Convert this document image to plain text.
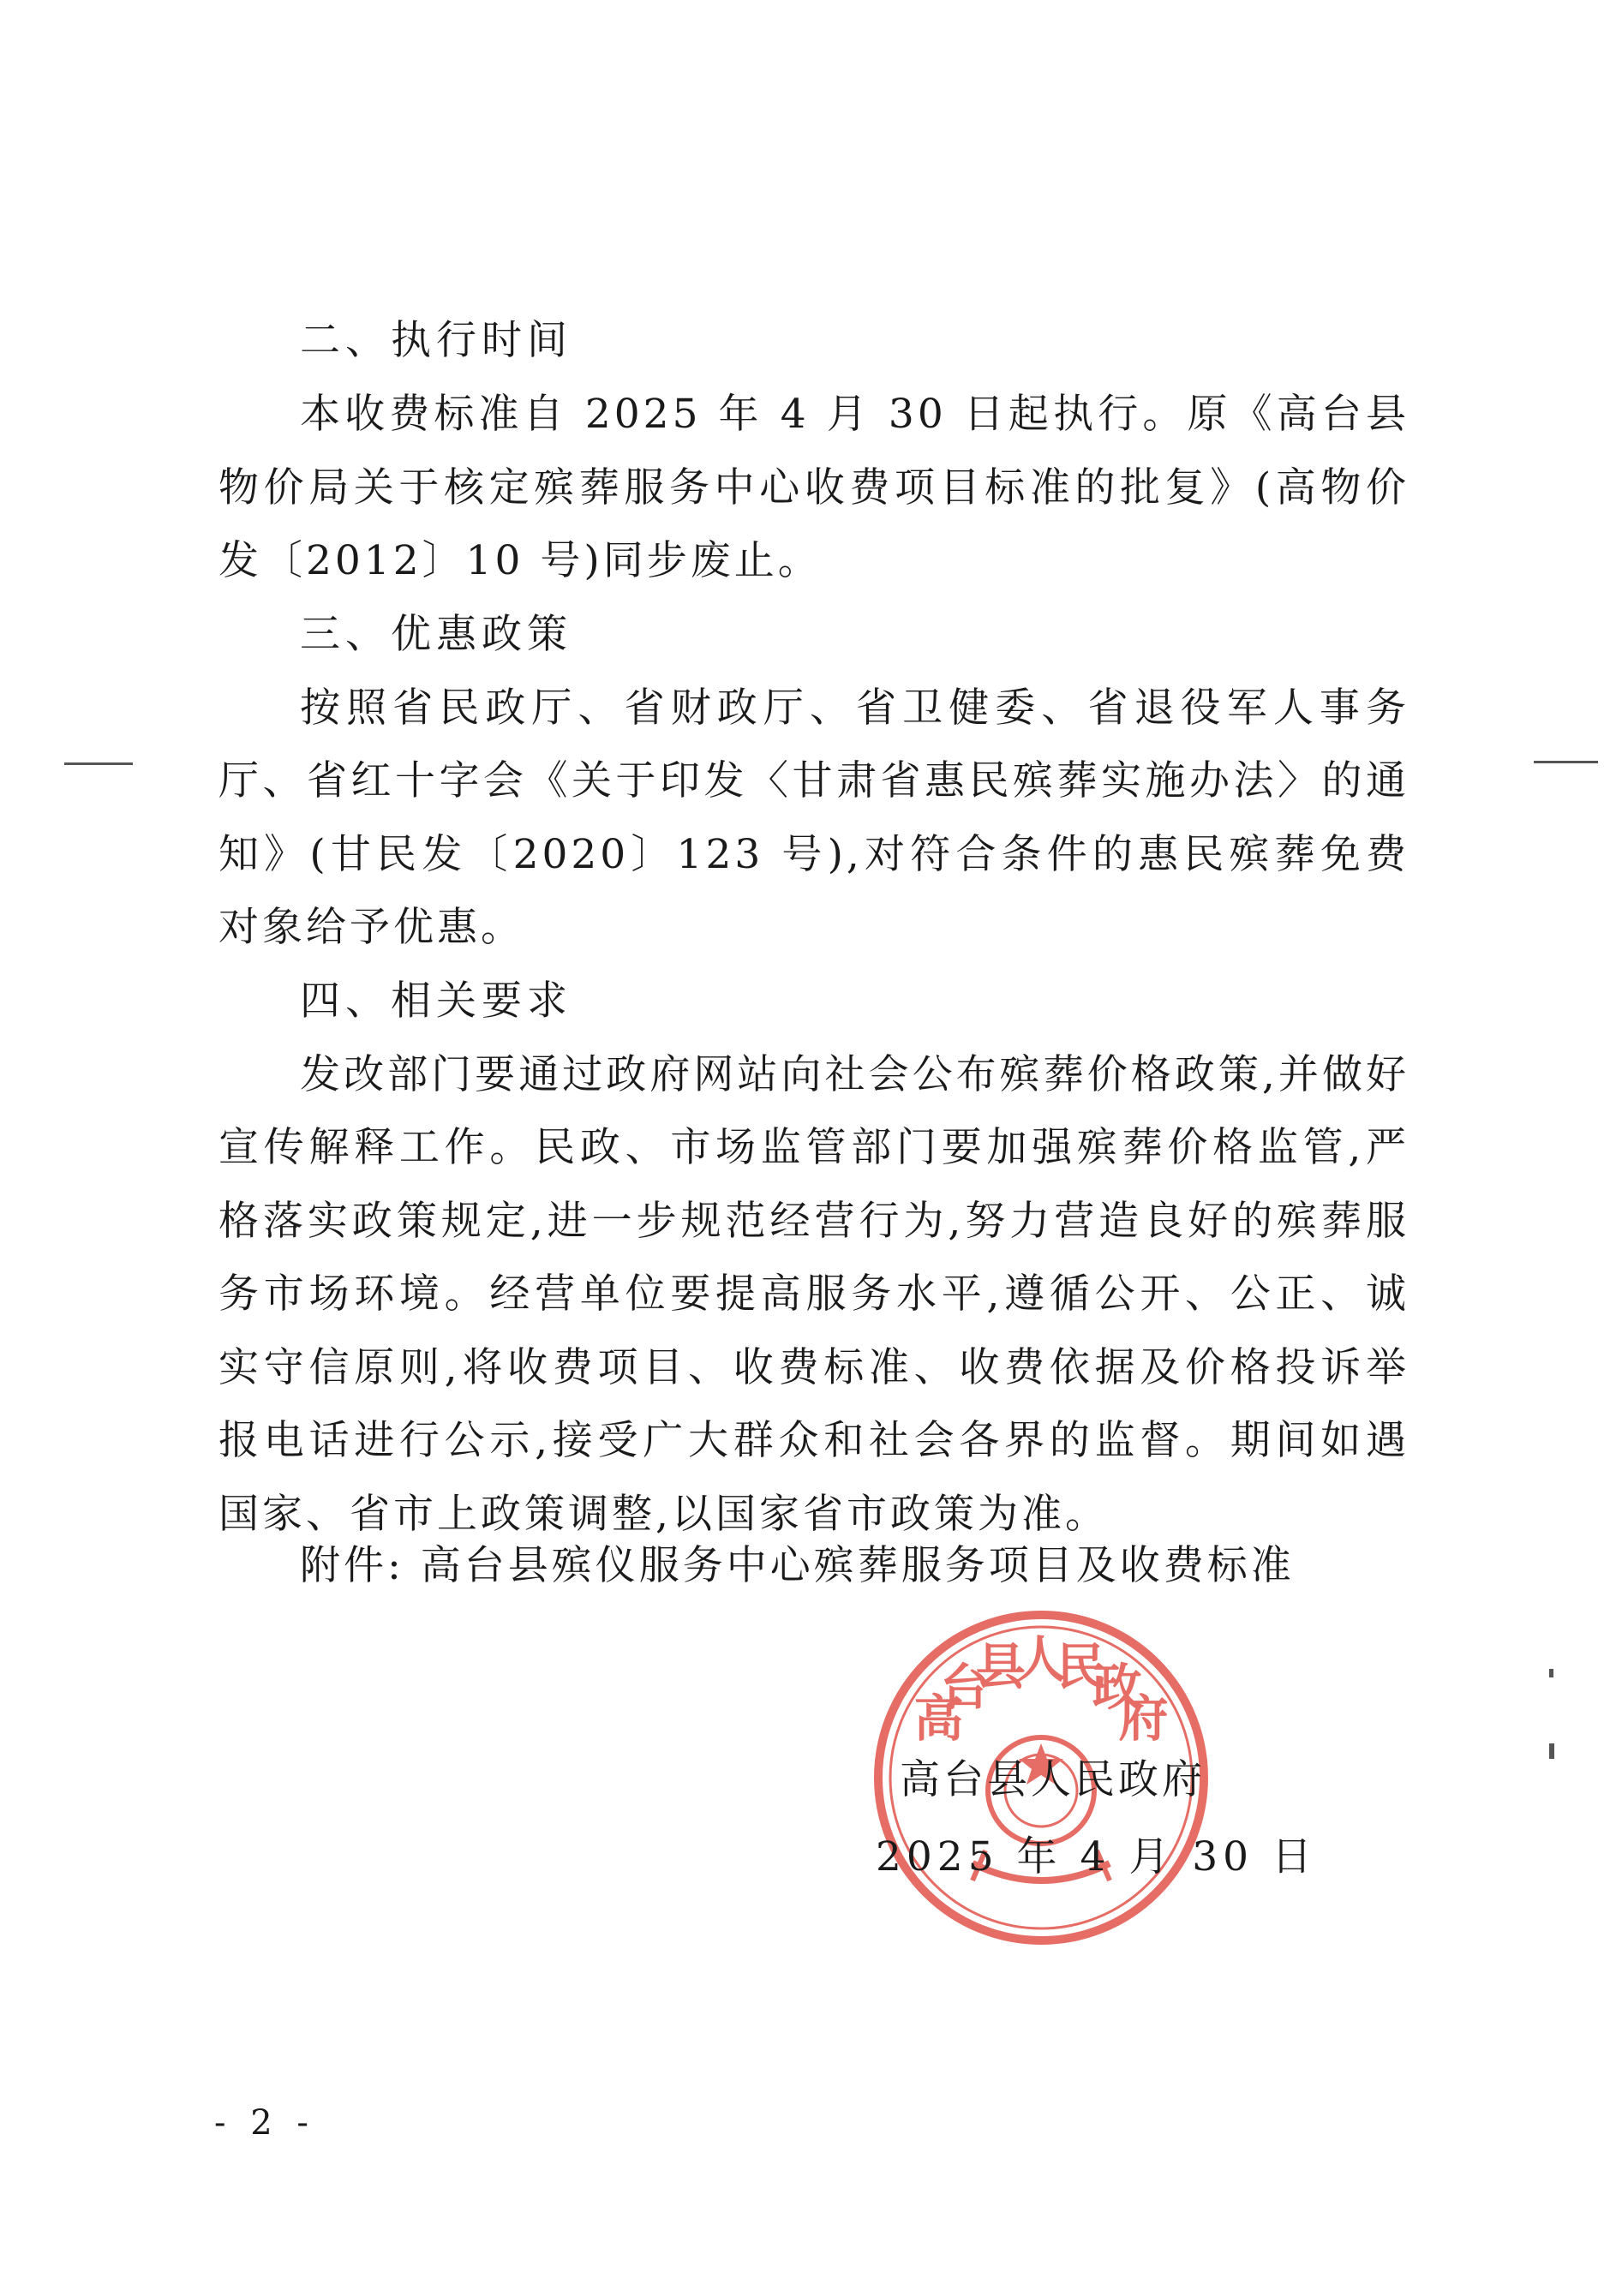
二、执行时间

本收费标准自 2025 年 4 月 30 日起执行。原《高台县物价局关于核定殡葬服务中心收费项目标准的批复》(高物价发〔2012〕10 号)同步废止。

三、优惠政策

按照省民政厅、省财政厅、省卫健委、省退役军人事务厅、省红十字会《关于印发〈甘肃省惠民殡葬实施办法〉的通知》(甘民发〔2020〕123 号),对符合条件的惠民殡葬免费对象给予优惠。

四、相关要求

发改部门要通过政府网站向社会公布殡葬价格政策,并做好宣传解释工作。民政、市场监管部门要加强殡葬价格监管,严格落实政策规定,进一步规范经营行为,努力营造良好的殡葬服务市场环境。经营单位要提高服务水平,遵循公开、公正、诚实守信原则,将收费项目、收费标准、收费依据及价格投诉举报电话进行公示,接受广大群众和社会各界的监督。期间如遇国家、省市上政策调整,以国家省市政策为准。

附件: 高台县殡仪服务中心殡葬服务项目及收费标准
高台县人民政府
高台县人民政府
2025 年 4 月 30 日
- 2 -
